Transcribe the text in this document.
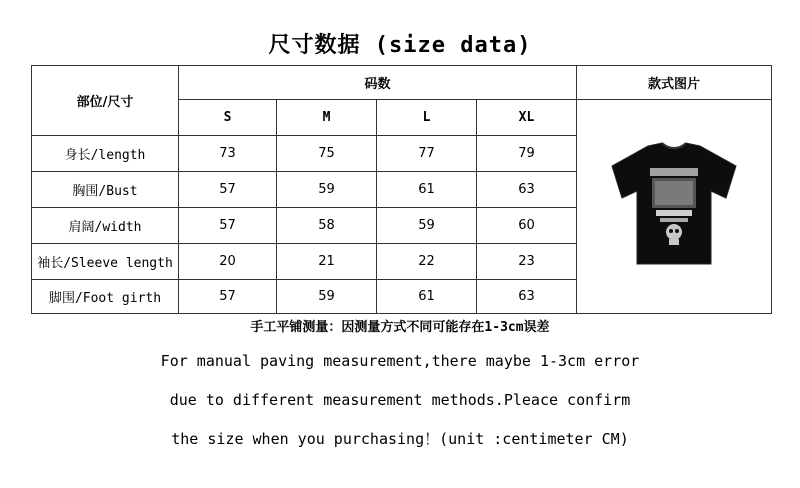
尺寸数据 (size data)
部位/尺寸	码数				款式图片
	S	M	L	XL	
身长/length	73	75	77	79	
胸围/Bust	57	59	61	63	
肩阔/width	57	58	59	60	
袖长/Sleeve length	20	21	22	23	
脚围/Foot girth	57	59	61	63	
手工平铺测量：因测量方式不同可能存在1-3cm误差
For manual paving measurement,there maybe 1-3cm error
due to different measurement methods.Pleace confirm
the size when you purchasing！(unit :centimeter CM)
